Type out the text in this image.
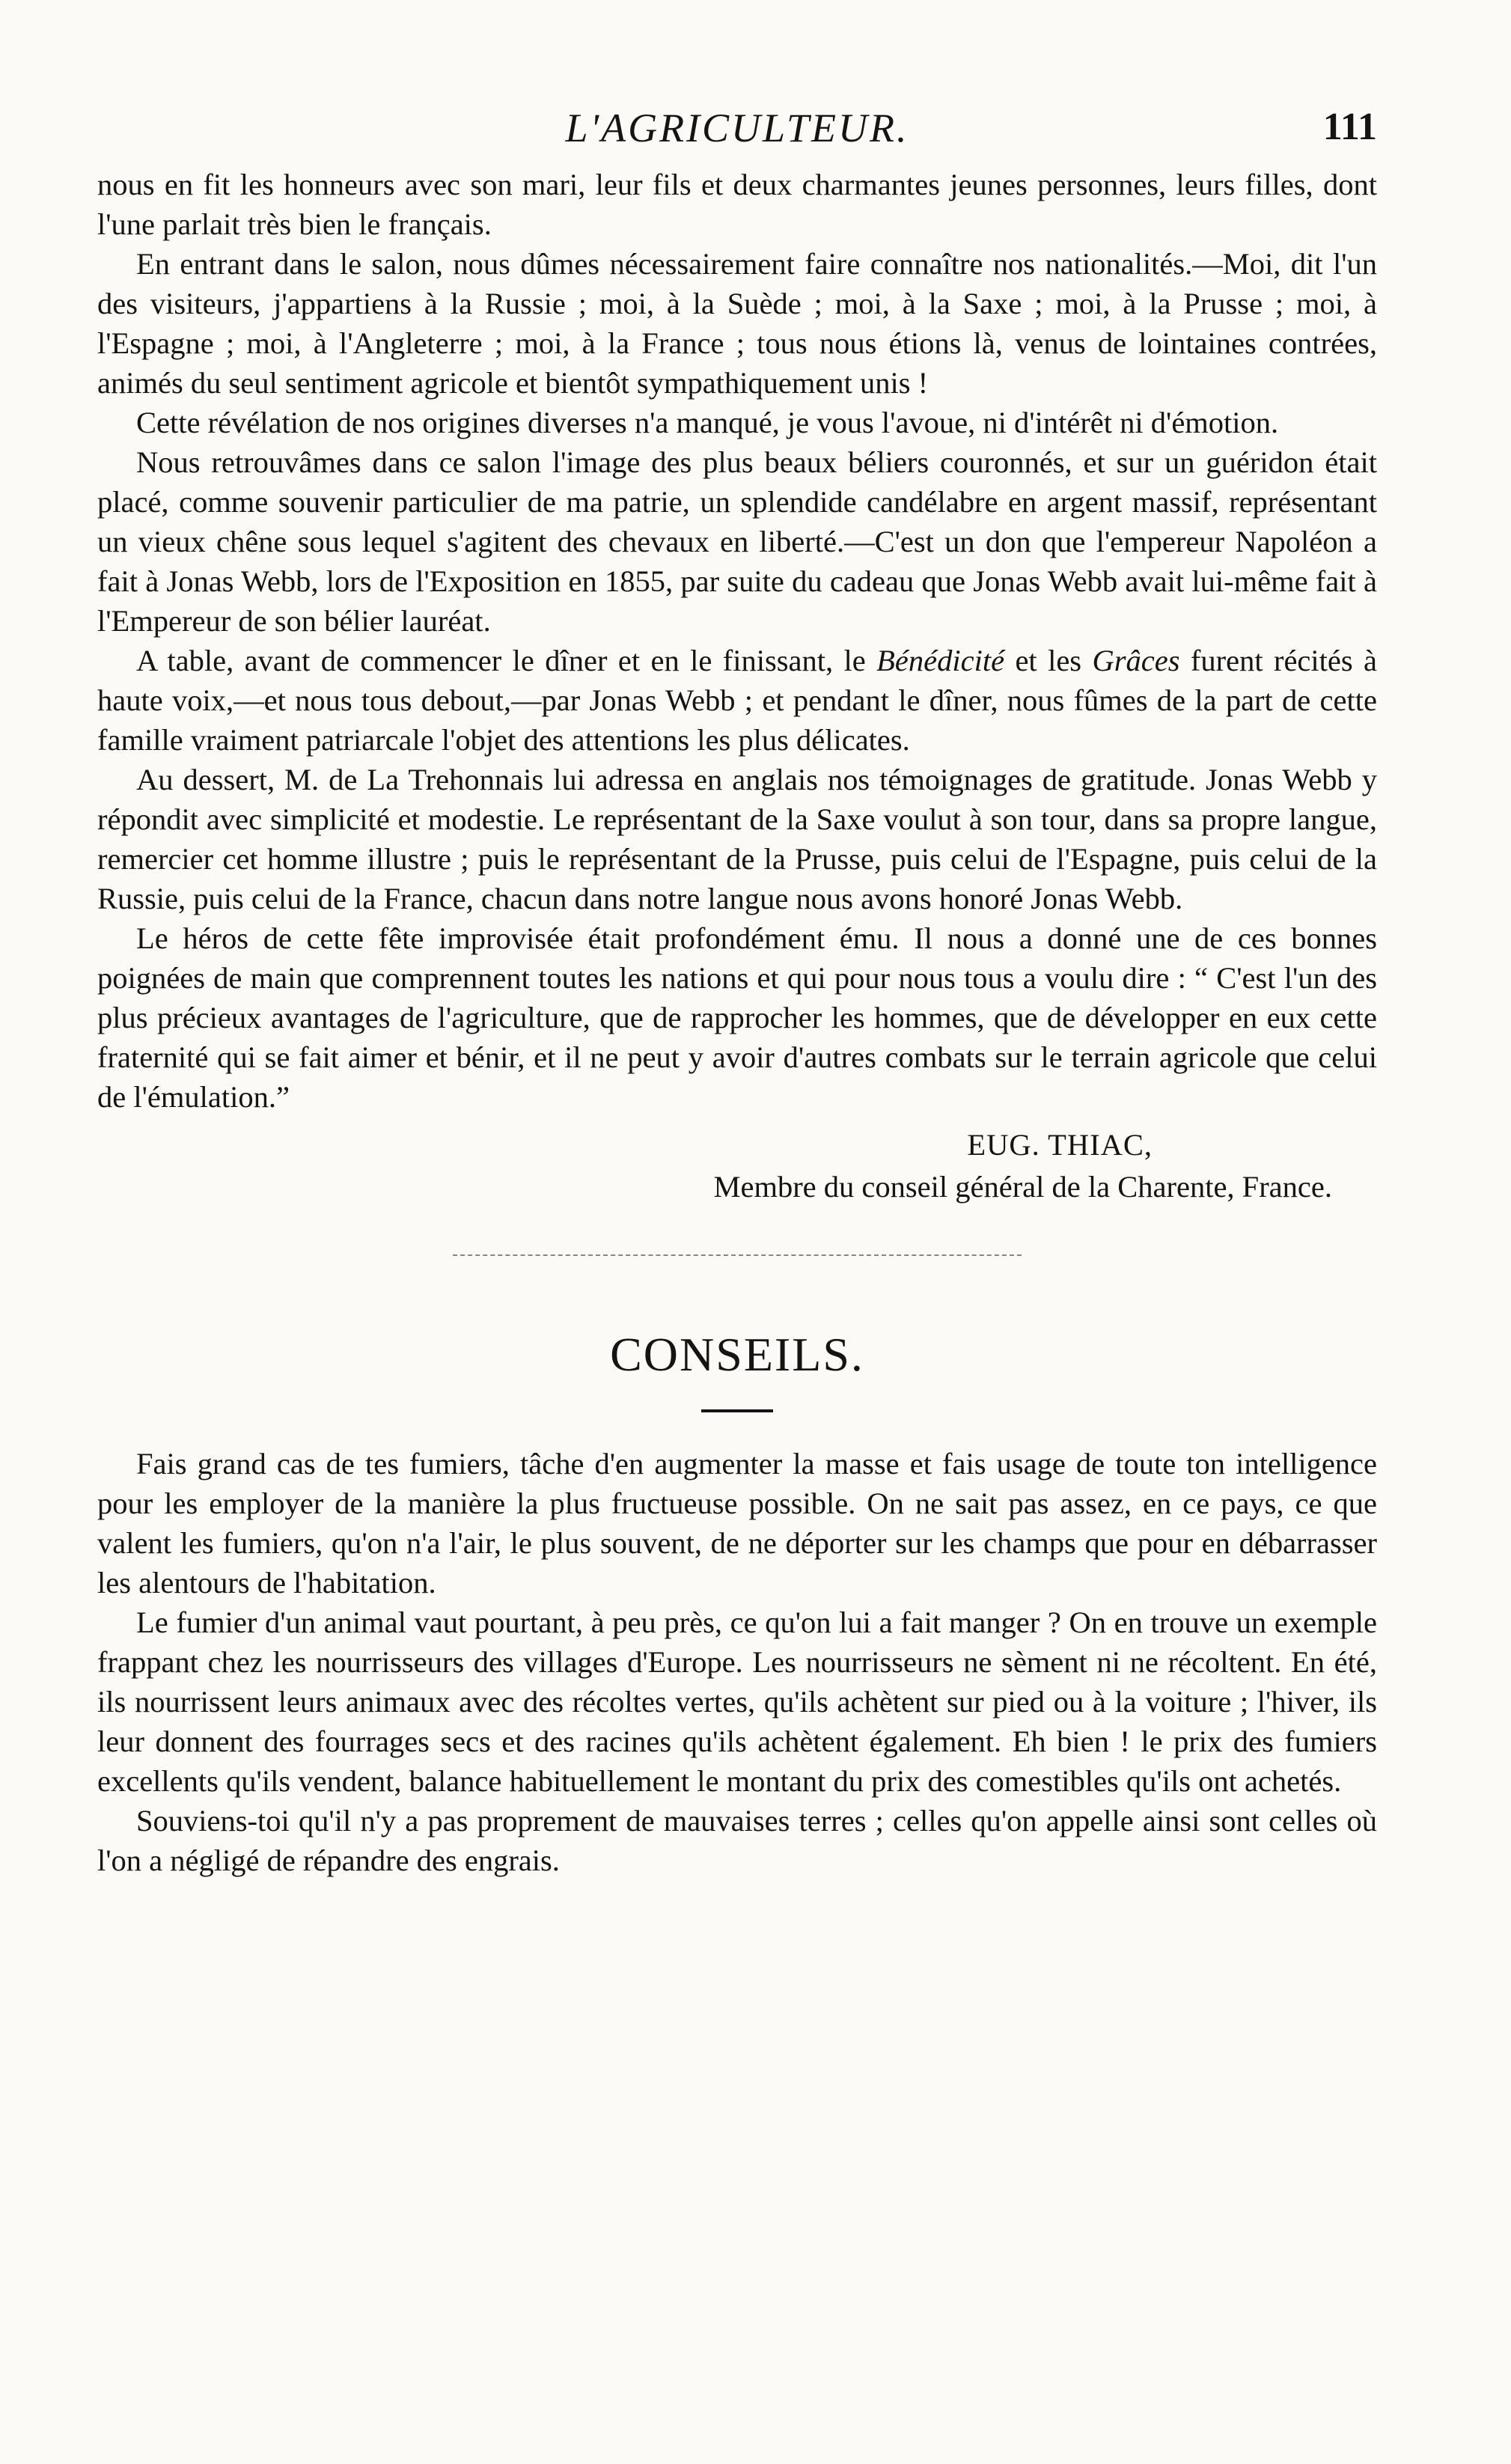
L'AGRICULTEUR.	111

nous en fit les honneurs avec son mari, leur fils et deux charmantes jeunes personnes, leurs filles, dont l'une parlait très bien le français.

En entrant dans le salon, nous dûmes nécessairement faire connaître nos nationalités.—Moi, dit l'un des visiteurs, j'appartiens à la Russie ; moi, à la Suède ; moi, à la Saxe ; moi, à la Prusse ; moi, à l'Espagne ; moi, à l'Angleterre ; moi, à la France ; tous nous étions là, venus de lointaines contrées, animés du seul sentiment agricole et bientôt sympathiquement unis !

Cette révélation de nos origines diverses n'a manqué, je vous l'avoue, ni d'intérêt ni d'émotion.

Nous retrouvâmes dans ce salon l'image des plus beaux béliers couronnés, et sur un guéridon était placé, comme souvenir particulier de ma patrie, un splendide candélabre en argent massif, représentant un vieux chêne sous lequel s'agitent des chevaux en liberté.—C'est un don que l'empereur Napoléon a fait à Jonas Webb, lors de l'Exposition en 1855, par suite du cadeau que Jonas Webb avait lui-même fait à l'Empereur de son bélier lauréat.

A table, avant de commencer le dîner et en le finissant, le Bénédicité et les Grâces furent récités à haute voix,—et nous tous debout,—par Jonas Webb ; et pendant le dîner, nous fûmes de la part de cette famille vraiment patriarcale l'objet des attentions les plus délicates.

Au dessert, M. de La Trehonnais lui adressa en anglais nos témoignages de gratitude. Jonas Webb y répondit avec simplicité et modestie. Le représentant de la Saxe voulut à son tour, dans sa propre langue, remercier cet homme illustre ; puis le représentant de la Prusse, puis celui de l'Espagne, puis celui de la Russie, puis celui de la France, chacun dans notre langue nous avons honoré Jonas Webb.

Le héros de cette fête improvisée était profondément ému. Il nous a donné une de ces bonnes poignées de main que comprennent toutes les nations et qui pour nous tous a voulu dire : “ C'est l'un des plus précieux avantages de l'agriculture, que de rapprocher les hommes, que de développer en eux cette fraternité qui se fait aimer et bénir, et il ne peut y avoir d'autres combats sur le terrain agricole que celui de l'émulation.”

EUG. THIAC,
Membre du conseil général de la Charente, France.
CONSEILS.

Fais grand cas de tes fumiers, tâche d'en augmenter la masse et fais usage de toute ton intelligence pour les employer de la manière la plus fructueuse possible. On ne sait pas assez, en ce pays, ce que valent les fumiers, qu'on n'a l'air, le plus souvent, de ne déporter sur les champs que pour en débarrasser les alentours de l'habitation.

Le fumier d'un animal vaut pourtant, à peu près, ce qu'on lui a fait manger ? On en trouve un exemple frappant chez les nourrisseurs des villages d'Europe. Les nourrisseurs ne sèment ni ne récoltent. En été, ils nourrissent leurs animaux avec des récoltes vertes, qu'ils achètent sur pied ou à la voiture ; l'hiver, ils leur donnent des fourrages secs et des racines qu'ils achètent également. Eh bien ! le prix des fumiers excellents qu'ils vendent, balance habituellement le montant du prix des comestibles qu'ils ont achetés.

Souviens-toi qu'il n'y a pas proprement de mauvaises terres ; celles qu'on appelle ainsi sont celles où l'on a négligé de répandre des engrais.
